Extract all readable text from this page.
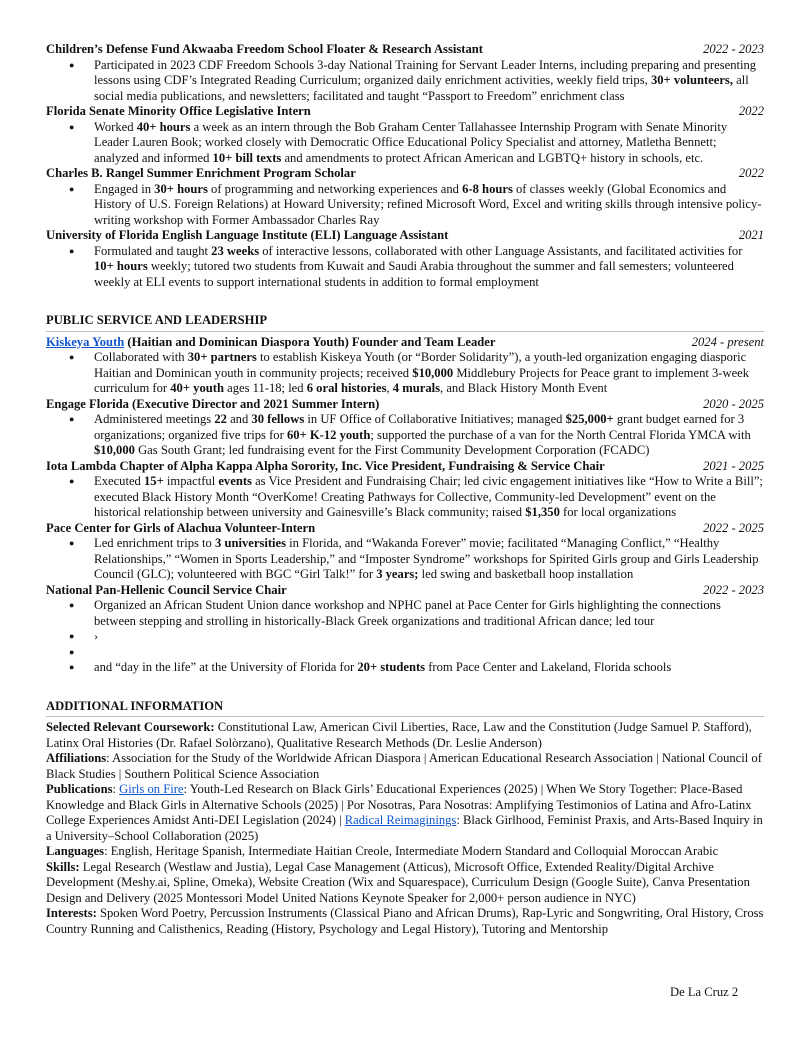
Children’s Defense Fund Akwaaba Freedom School Floater & Research Assistant	2022 - 2023
● Participated in 2023 CDF Freedom Schools 3-day National Training for Servant Leader Interns, including preparing and presenting lessons using CDF’s Integrated Reading Curriculum; organized daily enrichment activities, weekly field trips, 30+ volunteers, all social media publications, and newsletters; facilitated and taught “Passport to Freedom” enrichment class
Florida Senate Minority Office Legislative Intern	2022
● Worked 40+ hours a week as an intern through the Bob Graham Center Tallahassee Internship Program with Senate Minority Leader Lauren Book; worked closely with Democratic Office Educational Policy Specialist and attorney, Matletha Bennett; analyzed and informed 10+ bill texts and amendments to protect African American and LGBTQ+ history in schools, etc.
Charles B. Rangel Summer Enrichment Program Scholar	2022
● Engaged in 30+ hours of programming and networking experiences and 6-8 hours of classes weekly (Global Economics and History of U.S. Foreign Relations) at Howard University; refined Microsoft Word, Excel and writing skills through intensive policy-writing workshop with Former Ambassador Charles Ray
University of Florida English Language Institute (ELI) Language Assistant	2021
● Formulated and taught 23 weeks of interactive lessons, collaborated with other Language Assistants, and facilitated activities for 10+ hours weekly; tutored two students from Kuwait and Saudi Arabia throughout the summer and fall semesters; volunteered weekly at ELI events to support international students in addition to formal employment
PUBLIC SERVICE AND LEADERSHIP
Kiskeya Youth (Haitian and Dominican Diaspora Youth) Founder and Team Leader	2024 - present
● Collaborated with 30+ partners to establish Kiskeya Youth (or “Border Solidarity”), a youth-led organization engaging diasporic Haitian and Dominican youth in community projects; received $10,000 Middlebury Projects for Peace grant to implement 3-week curriculum for 40+ youth ages 11-18; led 6 oral histories, 4 murals, and Black History Month Event
Engage Florida (Executive Director and 2021 Summer Intern)	2020 - 2025
● Administered meetings 22 and 30 fellows in UF Office of Collaborative Initiatives; managed $25,000+ grant budget earned for 3 organizations; organized five trips for 60+ K-12 youth; supported the purchase of a van for the North Central Florida YMCA with $10,000 Gas South Grant; led fundraising event for the First Community Development Corporation (FCADC)
Iota Lambda Chapter of Alpha Kappa Alpha Sorority, Inc. Vice President, Fundraising & Service Chair	2021 - 2025
● Executed 15+ impactful events as Vice President and Fundraising Chair; led civic engagement initiatives like “How to Write a Bill”; executed Black History Month “OverKome! Creating Pathways for Collective, Community-led Development” event on the historical relationship between university and Gainesville’s Black community; raised $1,350 for local organizations
Pace Center for Girls of Alachua Volunteer-Intern	2022 - 2025
● Led enrichment trips to 3 universities in Florida, and “Wakanda Forever” movie; facilitated “Managing Conflict,” “Healthy Relationships,” “Women in Sports Leadership,” and “Imposter Syndrome” workshops for Spirited Girls group and Girls Leadership Council (GLC); volunteered with BGC “Girl Talk!” for 3 years; led swing and basketball hoop installation
National Pan-Hellenic Council Service Chair	2022 - 2023
● Organized an African Student Union dance workshop and NPHC panel at Pace Center for Girls highlighting the connections between stepping and strolling in historically-Black Greek organizations and traditional African dance; led tour
● ›
●
● and “day in the life” at the University of Florida for 20+ students from Pace Center and Lakeland, Florida schools
ADDITIONAL INFORMATION

Selected Relevant Coursework: Constitutional Law, American Civil Liberties, Race, Law and the Constitution (Judge Samuel P. Stafford), Latinx Oral Histories (Dr. Rafael Solòrzano), Qualitative Research Methods (Dr. Leslie Anderson)

Affiliations: Association for the Study of the Worldwide African Diaspora | American Educational Research Association | National Council of Black Studies | Southern Political Science Association

Publications: Girls on Fire: Youth-Led Research on Black Girls’ Educational Experiences (2025) | When We Story Together: Place-Based Knowledge and Black Girls in Alternative Schools (2025) | Por Nosotras, Para Nosotras: Amplifying Testimonios of Latina and Afro-Latinx College Experiences Amidst Anti-DEI Legislation (2024) | Radical Reimaginings: Black Girlhood, Feminist Praxis, and Arts-Based Inquiry in a University–School Collaboration (2025)

Languages: English, Heritage Spanish, Intermediate Haitian Creole, Intermediate Modern Standard and Colloquial Moroccan Arabic

Skills: Legal Research (Westlaw and Justia), Legal Case Management (Atticus), Microsoft Office, Extended Reality/Digital Archive Development (Meshy.ai, Spline, Omeka), Website Creation (Wix and Squarespace), Curriculum Design (Google Suite), Canva Presentation Design and Delivery (2025 Montessori Model United Nations Keynote Speaker for 2,000+ person audience in NYC)

Interests: Spoken Word Poetry, Percussion Instruments (Classical Piano and African Drums), Rap-Lyric and Songwriting, Oral History, Cross Country Running and Calisthenics, Reading (History, Psychology and Legal History), Tutoring and Mentorship

De La Cruz 2
